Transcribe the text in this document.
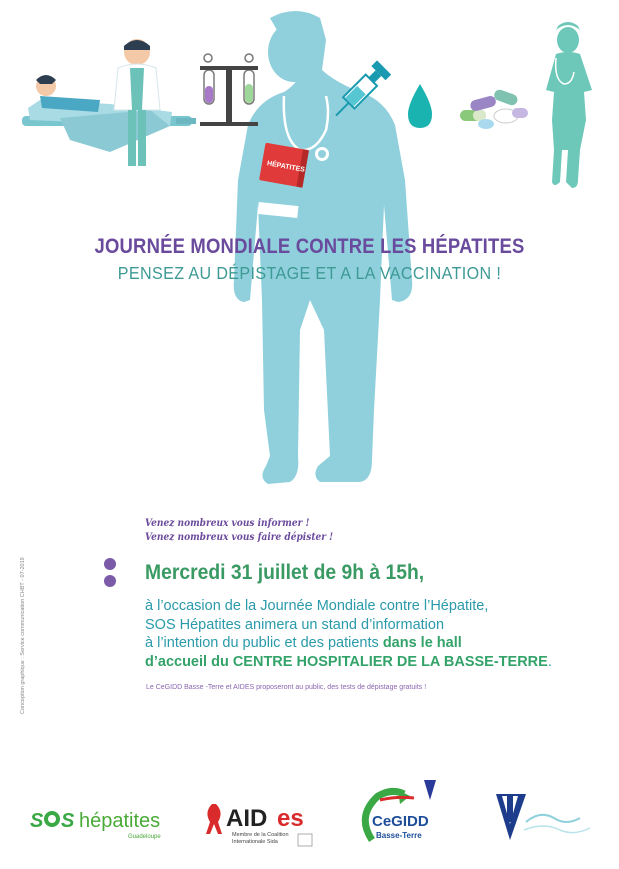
HÉPATITES
JOURNÉE MONDIALE CONTRE LES HÉPATITES
PENSEZ AU DÉPISTAGE ET A LA VACCINATION !
Venez nombreux vous informer !
Venez nombreux vous faire dépister !
Mercredi 31 juillet de 9h à 15h,
à l’occasion de la Journée Mondiale contre l’Hépatite,
SOS Hépatites animera un stand d’information
à l’intention du public et des patients dans le hall
d’accueil du CENTRE HOSPITALIER DE LA BASSE-TERRE.
Le CeGIDD Basse -Terre et AIDES proposeront au public, des tests de dépistage gratuits !
Conception graphique : Service communication CHBT - 07-2019
S S hépatites
Guadeloupe
AID es
Membre de la Coalition
Internationale Sida
CeGIDD
Basse-Terre
